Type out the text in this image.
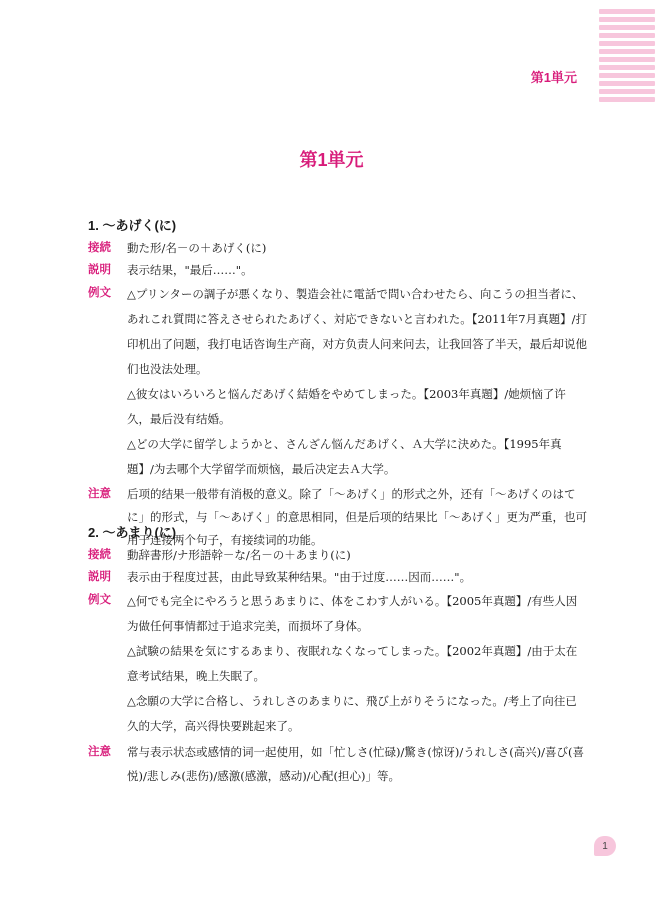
第1単元
第1単元
1. ～あげく(に)
接続 動た形/名－の＋あげく(に)
説明 表示结果，"最后……"。
例文 △プリンターの調子が悪くなり、製造会社に電話で問い合わせたら、向こうの担当者に、あれこれ質問に答えさせられたあげく、対応できないと言われた。【2011年7月真題】/打印机出了问题，我打电话咨询生产商，对方负责人问来问去，让我回答了半天，最后却说他们也没法处理。
△彼女はいろいろと悩んだあげく結婚をやめてしまった。【2003年真題】/她烦恼了许久，最后没有结婚。
△どの大学に留学しようかと、さんざん悩んだあげく、Ａ大学に決めた。【1995年真題】/为去哪个大学留学而烦恼，最后决定去Ａ大学。
注意 后项的结果一般带有消极的意义。除了「～あげく」的形式之外，还有「～あげくのはてに」的形式，与「～あげく」的意思相同，但是后项的结果比「～あげく」更为严重，也可用于连接两个句子，有接续词的功能。
2. ～あまり(に)
接続 動辞書形/ナ形語幹－な/名－の＋あまり(に)
説明 表示由于程度过甚，由此导致某种结果。"由于过度……因而……"。
例文 △何でも完全にやろうと思うあまりに、体をこわす人がいる。【2005年真題】/有些人因为做任何事情都过于追求完美，而损坏了身体。
△試験の結果を気にするあまり、夜眠れなくなってしまった。【2002年真題】/由于太在意考试结果，晚上失眠了。
△念願の大学に合格し、うれしさのあまりに、飛び上がりそうになった。/考上了向往已久的大学，高兴得快要跳起来了。
注意 常与表示状态或感情的词一起使用，如「忙しさ(忙碌)/驚き(惊讶)/うれしさ(高兴)/喜び(喜悦)/悲しみ(悲伤)/感激(感激，感动)/心配(担心)」等。
1
